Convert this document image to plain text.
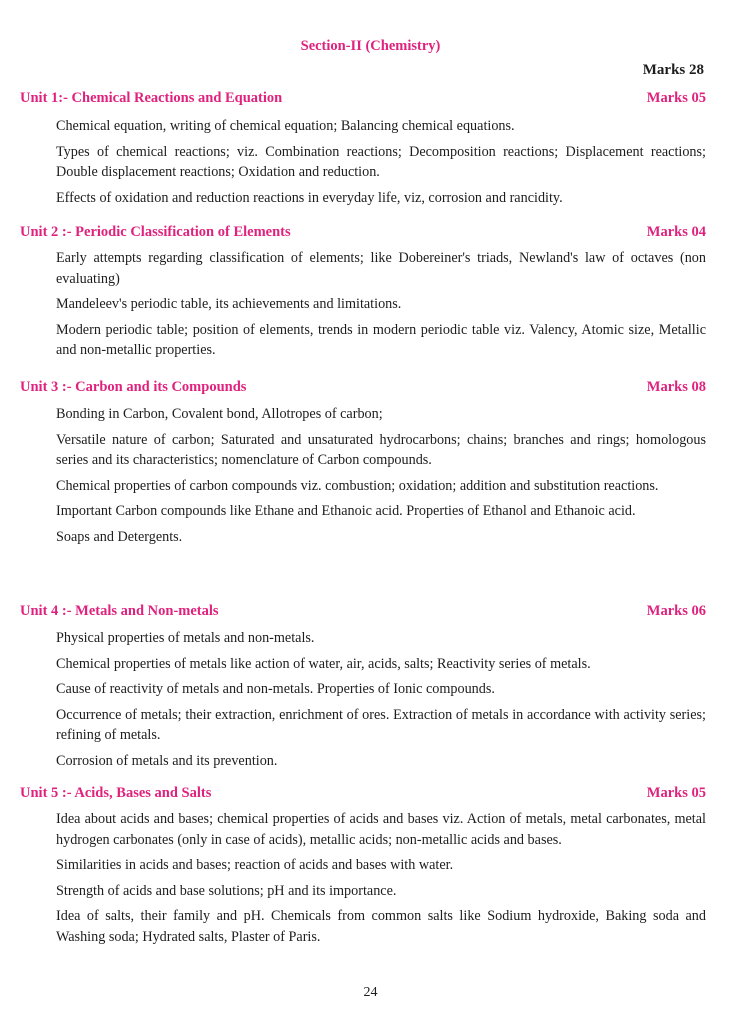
Section-II (Chemistry)
Marks 28
Unit 1:- Chemical Reactions and Equation	Marks 05

Chemical equation, writing of chemical equation; Balancing chemical equations.

Types of chemical reactions; viz. Combination reactions; Decomposition reactions; Displacement reactions; Double displacement reactions; Oxidation and reduction.

Effects of oxidation and reduction reactions in everyday life, viz, corrosion and rancidity.

Unit 2 :- Periodic Classification of Elements	Marks 04

Early attempts regarding classification of elements; like Dobereiner's triads, Newland's law of octaves (non evaluating)

Mandeleev's periodic table, its achievements and limitations.

Modern periodic table; position of elements, trends in modern periodic table viz. Valency, Atomic size, Metallic and non-metallic properties.

Unit 3 :- Carbon and its Compounds	Marks 08

Bonding in Carbon, Covalent bond, Allotropes of carbon;

Versatile nature of carbon; Saturated and unsaturated hydrocarbons; chains; branches and rings; homologous series and its characteristics; nomenclature of Carbon compounds.

Chemical properties of carbon compounds viz. combustion; oxidation; addition and substitution reactions.

Important Carbon compounds like Ethane and Ethanoic acid. Properties of Ethanol and Ethanoic acid.

Soaps and Detergents.

Unit 4 :- Metals and Non-metals	Marks 06

Physical properties of metals and non-metals.

Chemical properties of metals like action of water, air, acids, salts; Reactivity series of metals.

Cause of reactivity of metals and non-metals. Properties of Ionic compounds.

Occurrence of metals; their extraction, enrichment of ores. Extraction of metals in accordance with activity series; refining of metals.

Corrosion of metals and its prevention.

Unit 5 :- Acids, Bases and Salts	Marks 05

Idea about acids and bases; chemical properties of acids and bases viz. Action of metals, metal carbonates, metal hydrogen carbonates (only in case of acids), metallic acids; non-metallic acids and bases.

Similarities in acids and bases; reaction of acids and bases with water.

Strength of acids and base solutions; pH and its importance.

Idea of salts, their family and pH. Chemicals from common salts like Sodium hydroxide, Baking soda and Washing soda; Hydrated salts, Plaster of Paris.

24
